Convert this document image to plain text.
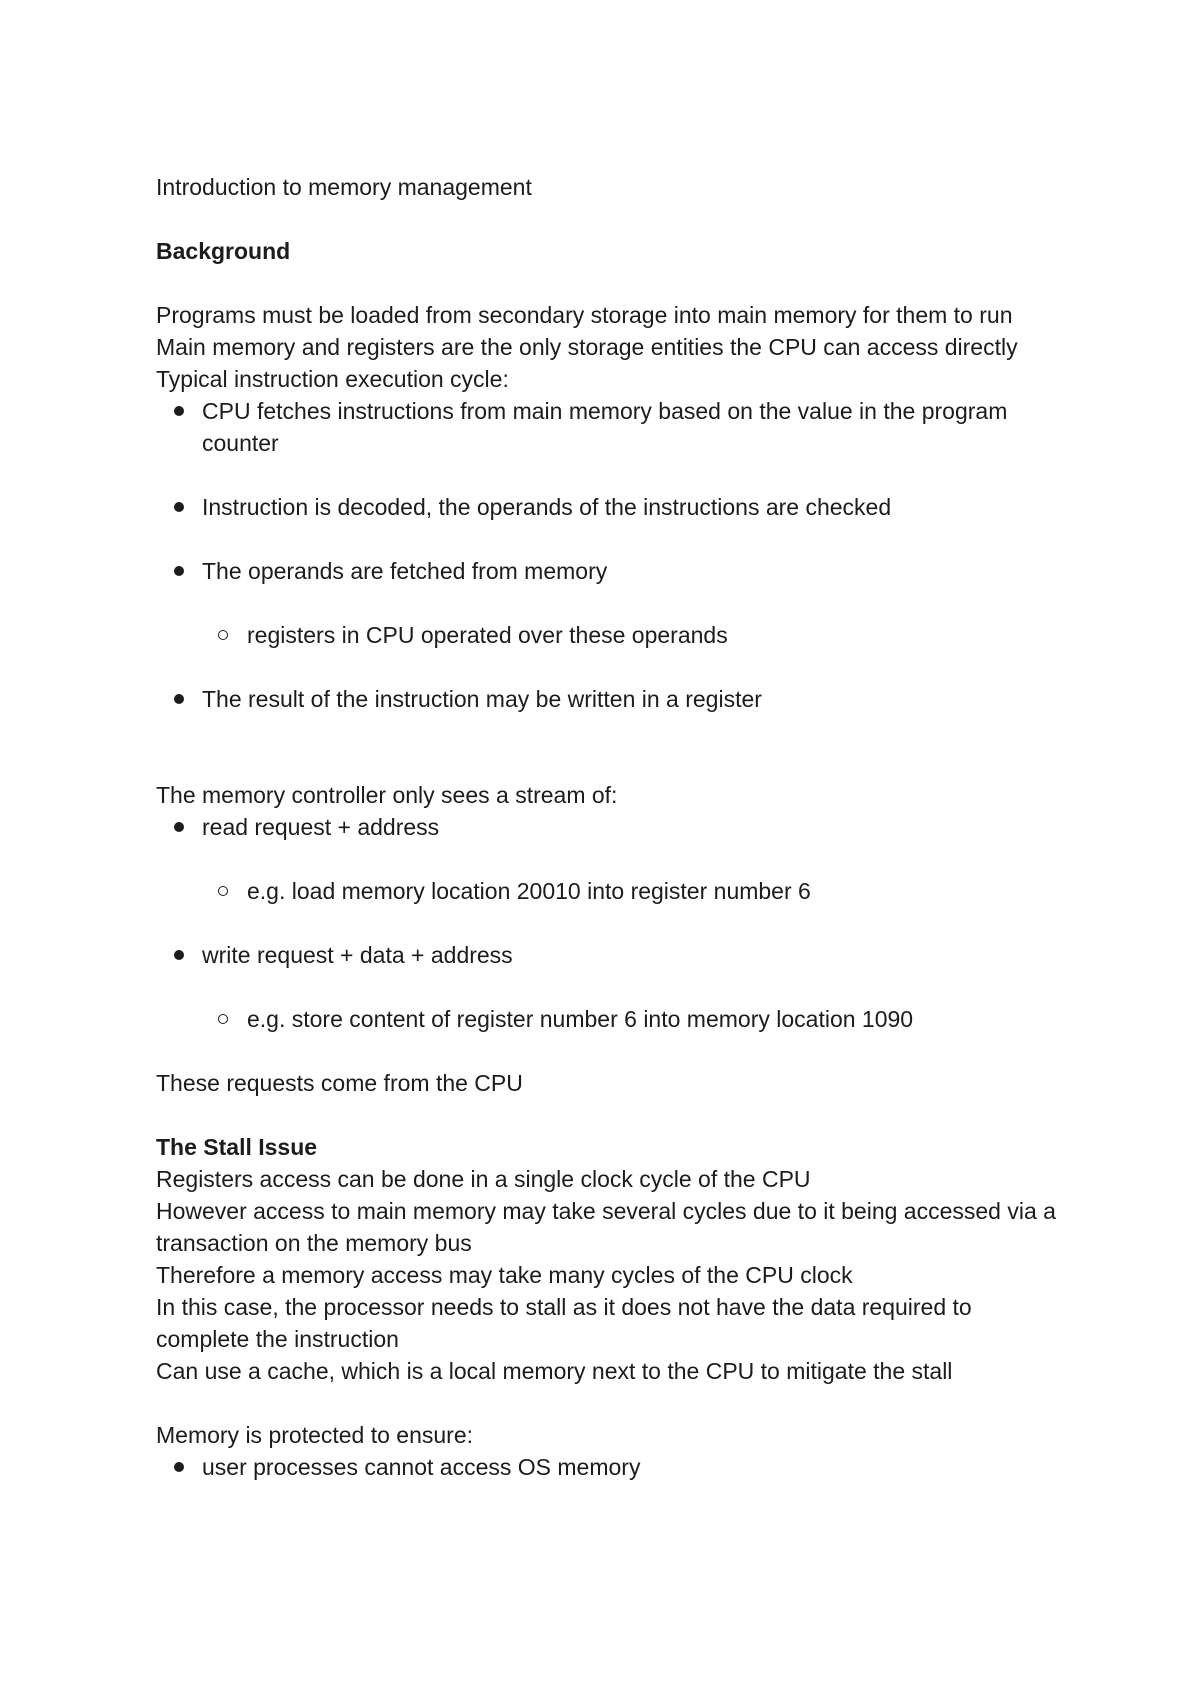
Introduction to memory management

Background

Programs must be loaded from secondary storage into main memory for them to run

Main memory and registers are the only storage entities the CPU can access directly

Typical instruction execution cycle:

CPU fetches instructions from main memory based on the value in the program counter
Instruction is decoded, the operands of the instructions are checked
The operands are fetched from memory
registers in CPU operated over these operands
The result of the instruction may be written in a register

The memory controller only sees a stream of:

read request + address
e.g. load memory location 20010 into register number 6
write request + data + address
e.g. store content of register number 6 into memory location 1090

These requests come from the CPU

The Stall Issue

Registers access can be done in a single clock cycle of the CPU

However access to main memory may take several cycles due to it being accessed via a transaction on the memory bus

Therefore a memory access may take many cycles of the CPU clock

In this case, the processor needs to stall as it does not have the data required to complete the instruction

Can use a cache, which is a local memory next to the CPU to mitigate the stall

Memory is protected to ensure:

user processes cannot access OS memory
